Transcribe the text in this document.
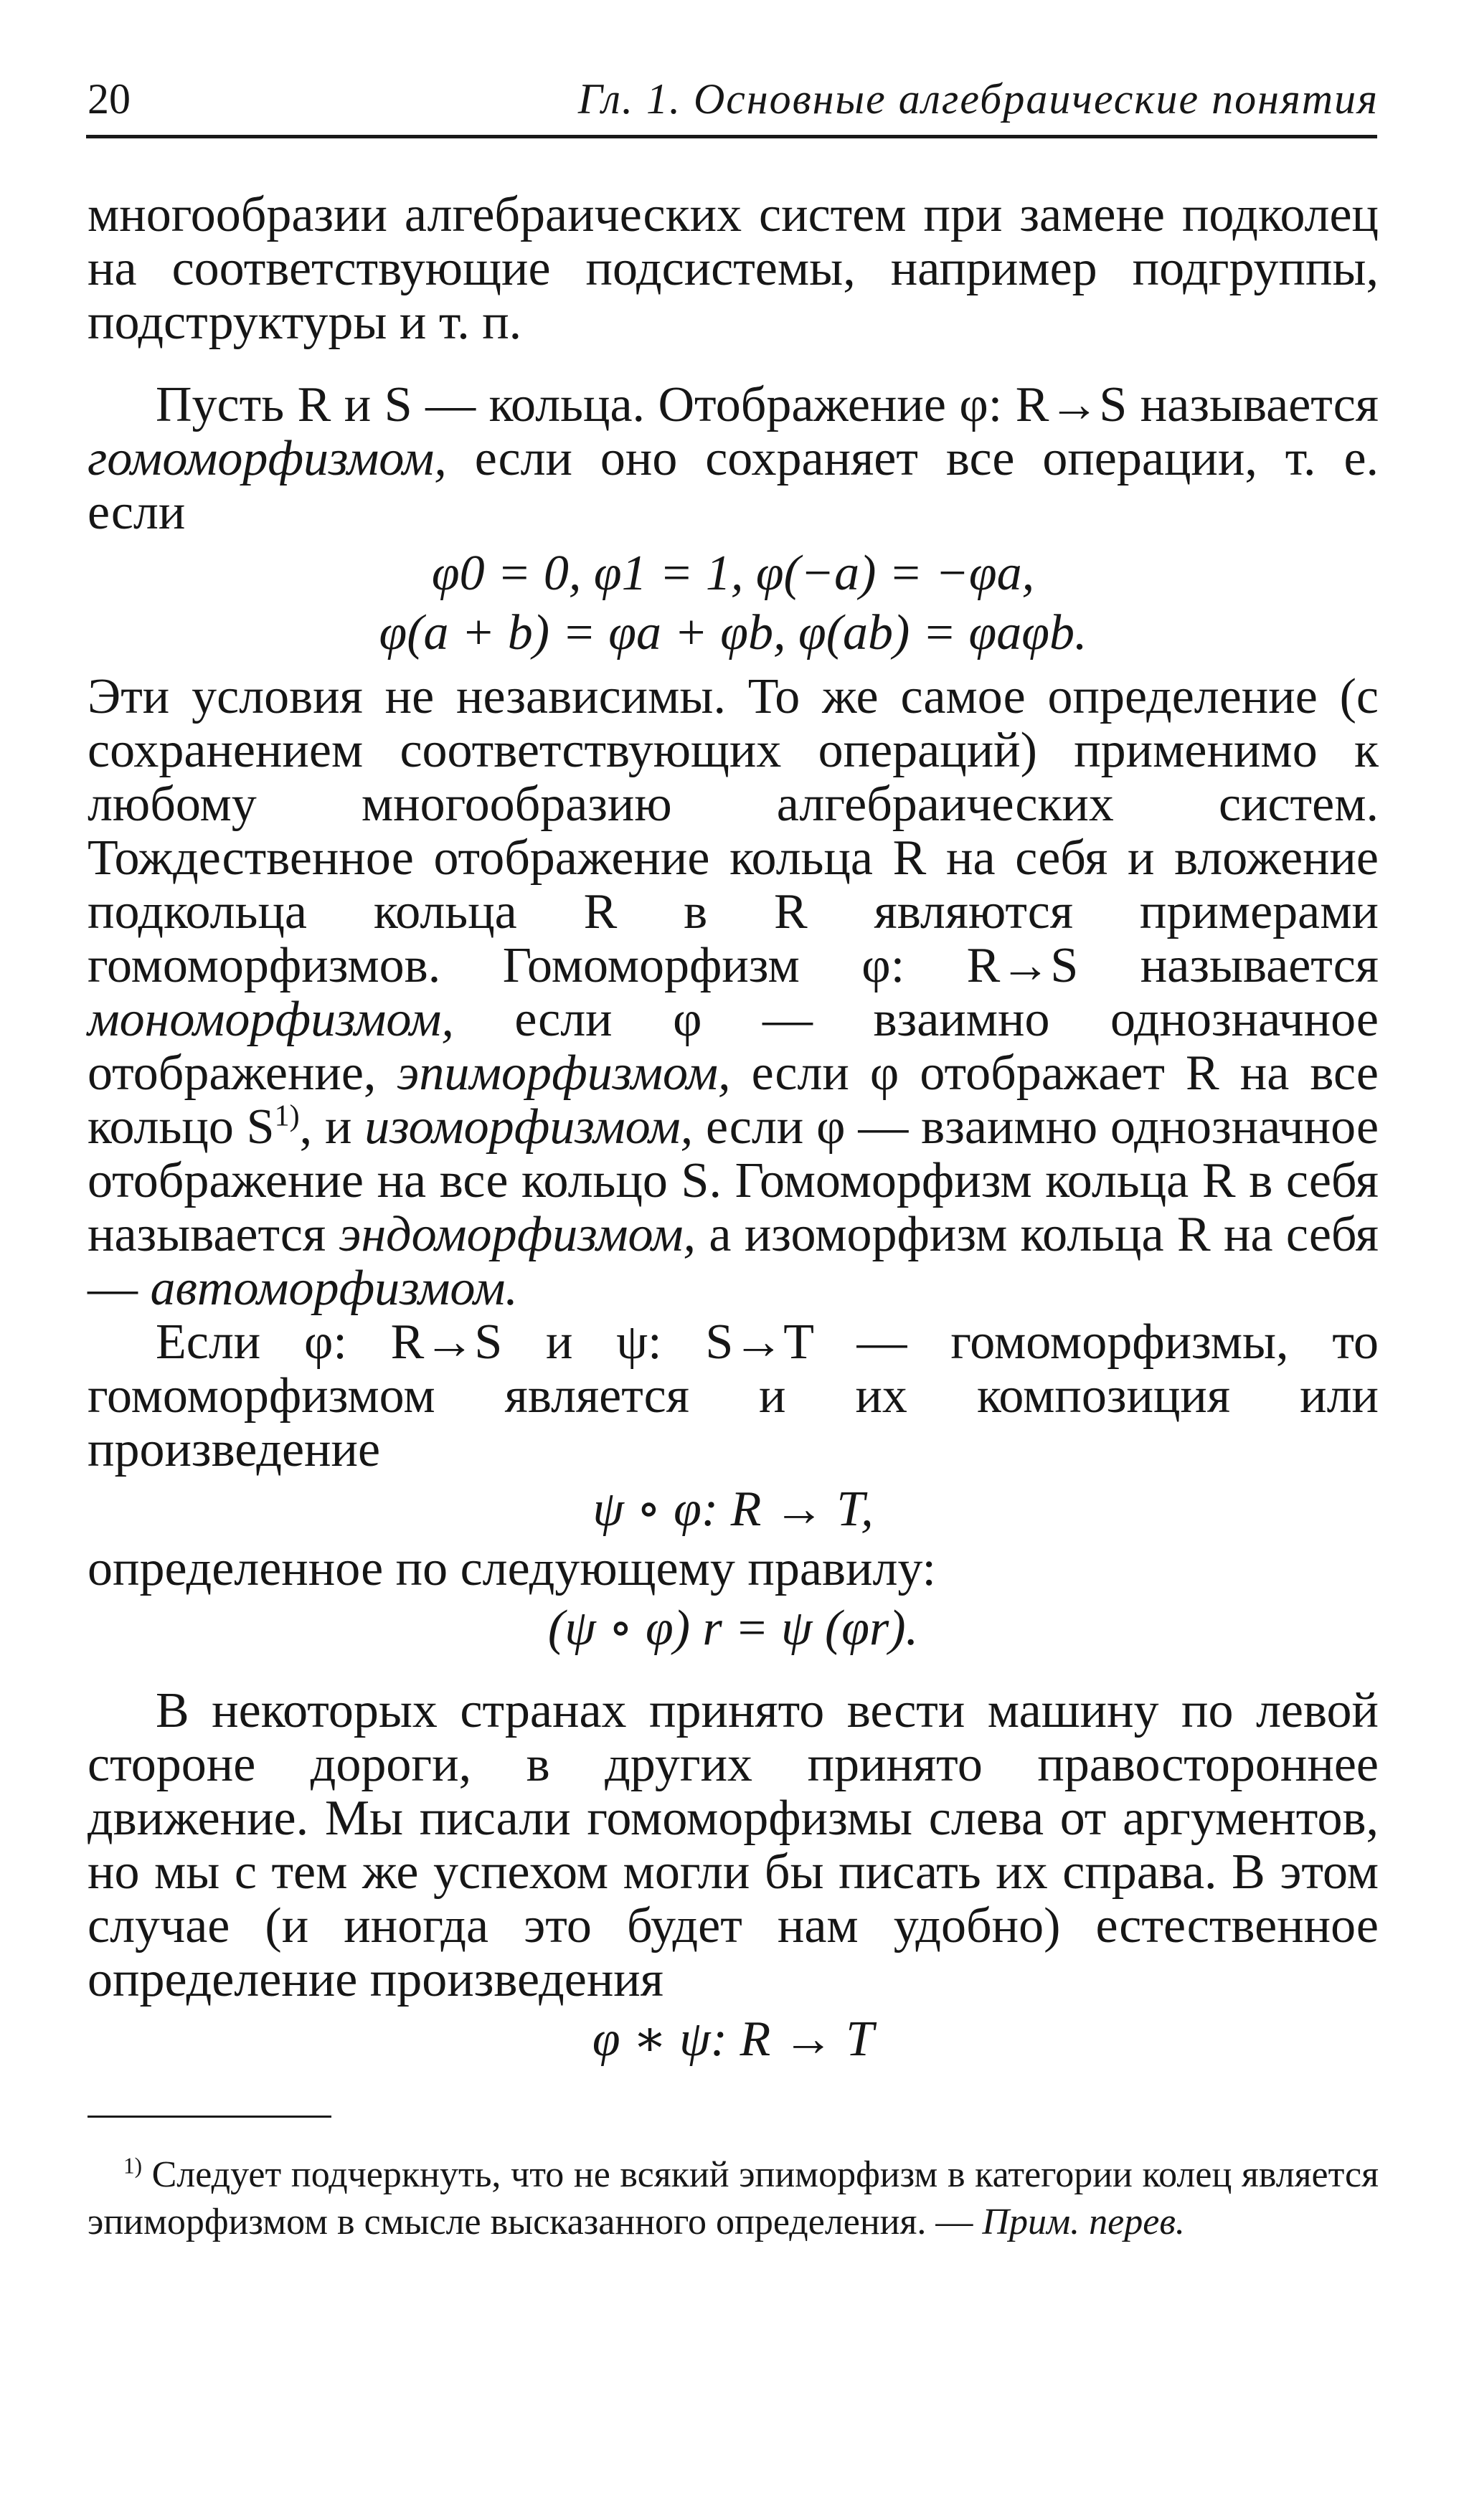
20	Гл. 1. Основные алгебраические понятия

многообразии алгебраических систем при замене подколец на соответствующие подсистемы, например подгруппы, подструктуры и т. п.

Пусть R и S — кольца. Отображение φ: R→S называется гомоморфизмом, если оно сохраняет все операции, т. е. если

φ0 = 0, φ1 = 1, φ(−a) = −φa,
φ(a + b) = φa + φb, φ(ab) = φaφb.

Эти условия не независимы. То же самое определение (с сохранением соответствующих операций) применимо к любому многообразию алгебраических систем. Тождественное отображение кольца R на себя и вложение подкольца кольца R в R являются примерами гомоморфизмов. Гомоморфизм φ: R→S называется мономорфизмом, если φ — взаимно однозначное отображение, эпиморфизмом, если φ отображает R на все кольцо $S^{1)}$, и изоморфизмом, если φ — взаимно однозначное отображение на все кольцо S. Гомоморфизм кольца R в себя называется эндоморфизмом, а изоморфизм кольца R на себя — автоморфизмом.

Если φ: R→S и ψ: S→T — гомоморфизмы, то гомоморфизмом является и их композиция или произведение

ψ ∘ φ: R → T,

определенное по следующему правилу:

(ψ ∘ φ) r = ψ (φr).

В некоторых странах принято вести машину по левой стороне дороги, в других принято правостороннее движение. Мы писали гомоморфизмы слева от аргументов, но мы с тем же успехом могли бы писать их справа. В этом случае (и иногда это будет нам удобно) естественное определение произведения

φ ∗ ψ: R → T

$^{1)}$ Следует подчеркнуть, что не всякий эпиморфизм в категории колец является эпиморфизмом в смысле высказанного определения. — Прим. перев.
